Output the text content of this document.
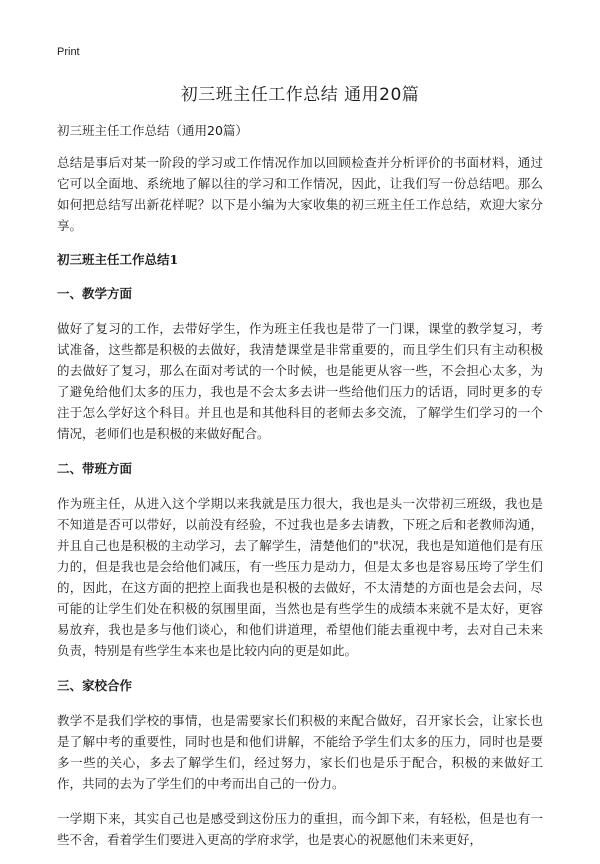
Print
初三班主任工作总结 通用20篇

初三班主任工作总结（通用20篇）

总结是事后对某一阶段的学习或工作情况作加以回顾检查并分析评价的书面材料，通过它可以全面地、系统地了解以往的学习和工作情况，因此，让我们写一份总结吧。那么如何把总结写出新花样呢？以下是小编为大家收集的初三班主任工作总结，欢迎大家分享。

初三班主任工作总结1

一、教学方面

做好了复习的工作，去带好学生，作为班主任我也是带了一门课，课堂的教学复习，考试准备，这些都是积极的去做好，我清楚课堂是非常重要的，而且学生们只有主动积极的去做好了复习，那么在面对考试的一个时候，也是能更从容一些，不会担心太多，为了避免给他们太多的压力，我也是不会太多去讲一些给他们压力的话语，同时更多的专注于怎么学好这个科目。并且也是和其他科目的老师去多交流，了解学生们学习的一个情况，老师们也是积极的来做好配合。

二、带班方面

作为班主任，从进入这个学期以来我就是压力很大，我也是头一次带初三班级，我也是不知道是否可以带好，以前没有经验，不过我也是多去请教，下班之后和老教师沟通，并且自己也是积极的主动学习，去了解学生，清楚他们的"状况，我也是知道他们是有压力的，但是我也是会给他们减压，有一些压力是动力，但是太多也是容易压垮了学生们的，因此，在这方面的把控上面我也是积极的去做好，不太清楚的方面也是会去问，尽可能的让学生们处在积极的氛围里面，当然也是有些学生的成绩本来就不是太好，更容易放弃，我也是多与他们谈心，和他们讲道理，希望他们能去重视中考，去对自己未来负责，特别是有些学生本来也是比较内向的更是如此。

三、家校合作

教学不是我们学校的事情，也是需要家长们积极的来配合做好，召开家长会，让家长也是了解中考的重要性，同时也是和他们讲解，不能给予学生们太多的压力，同时也是要多一些的关心，多去了解学生们，经过努力，家长们也是乐于配合，积极的来做好工作，共同的去为了学生们的中考而出自己的一份力。

一学期下来，其实自己也是感受到这份压力的重担，而今卸下来，有轻松，但是也有一些不舍，看着学生们要进入更高的学府求学，也是衷心的祝愿他们未来更好，
